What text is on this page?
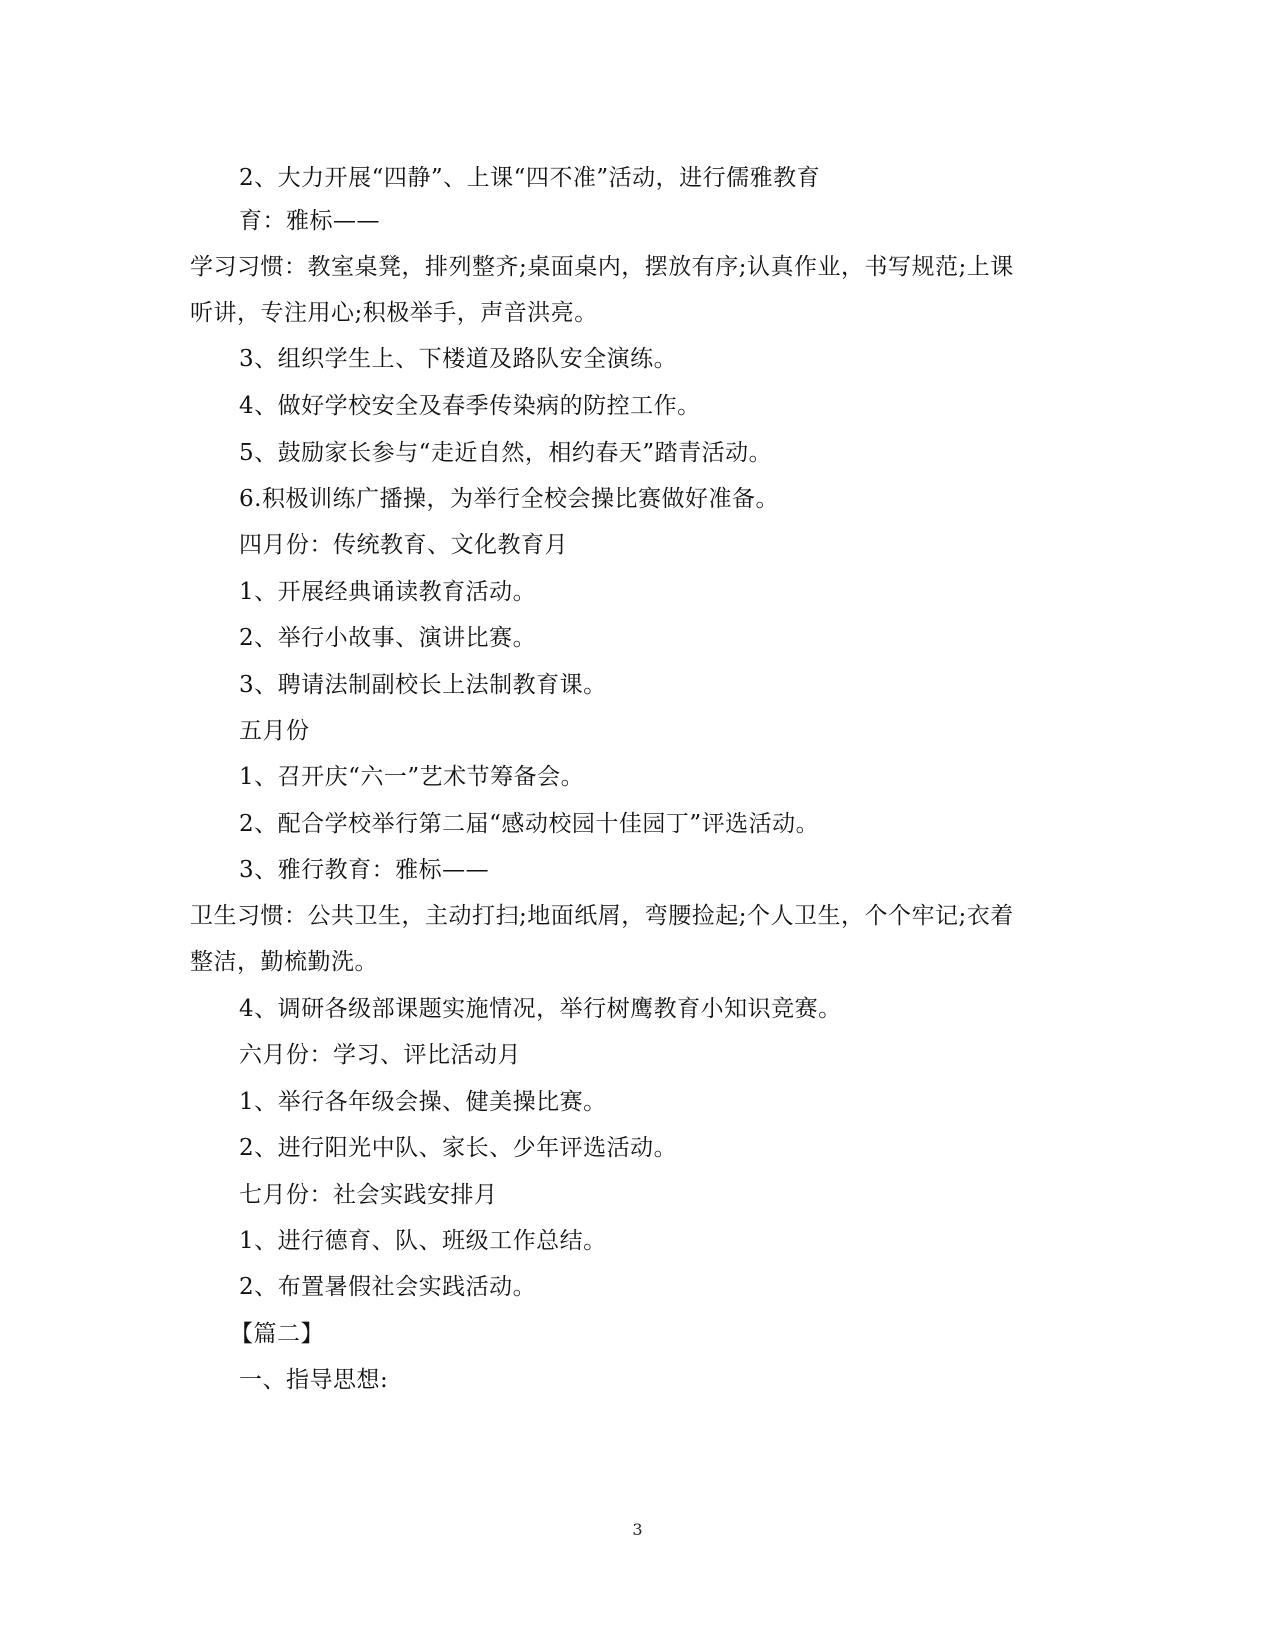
2、大力开展“四静”、上课“四不准”活动，进行儒雅教育
育：雅标——
学习习惯：教室桌凳，排列整齐;桌面桌内，摆放有序;认真作业，书写规范;上课
听讲，专注用心;积极举手，声音洪亮。
3、组织学生上、下楼道及路队安全演练。
4、做好学校安全及春季传染病的防控工作。
5、鼓励家长参与“走近自然，相约春天”踏青活动。
6.积极训练广播操，为举行全校会操比赛做好准备。
四月份：传统教育、文化教育月
1、开展经典诵读教育活动。
2、举行小故事、演讲比赛。
3、聘请法制副校长上法制教育课。
五月份
1、召开庆“六一”艺术节筹备会。
2、配合学校举行第二届“感动校园十佳园丁”评选活动。
3、雅行教育：雅标——
卫生习惯：公共卫生，主动打扫;地面纸屑，弯腰捡起;个人卫生，个个牢记;衣着
整洁，勤梳勤洗。
4、调研各级部课题实施情况，举行树鹰教育小知识竞赛。
六月份：学习、评比活动月
1、举行各年级会操、健美操比赛。
2、进行阳光中队、家长、少年评选活动。
七月份：社会实践安排月
1、进行德育、队、班级工作总结。
2、布置暑假社会实践活动。
【篇二】
一、指导思想:
3
